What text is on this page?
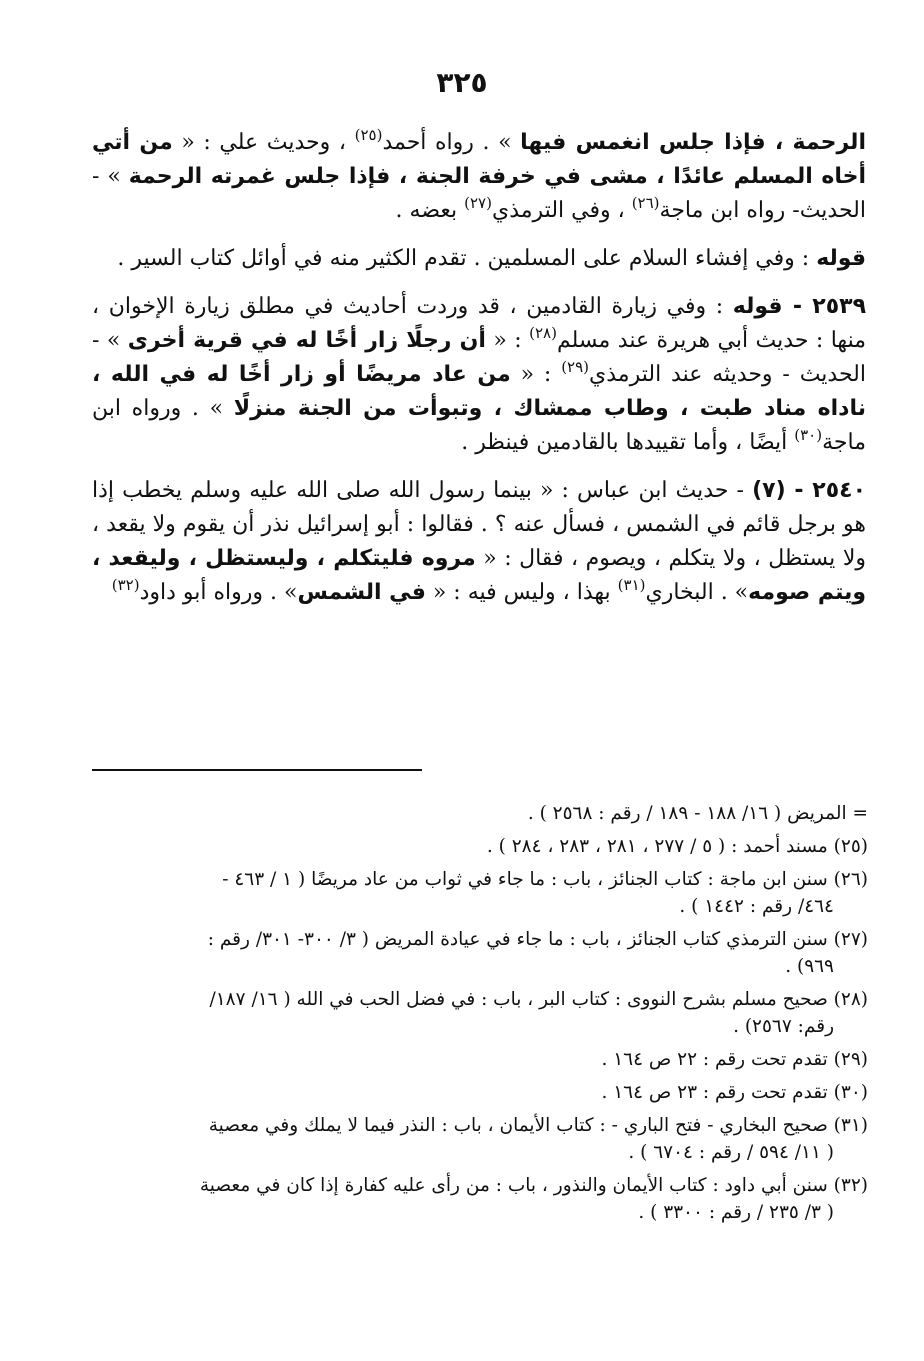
٣٢٥

الرحمة ، فإذا جلس انغمس فيها » . رواه أحمد$^{(٢٥)}$ ، وحديث علي : « من أتي أخاه المسلم عائدًا ، مشى في خرفة الجنة ، فإذا جلس غمرته الرحمة » - الحديث- رواه ابن ماجة$^{(٢٦)}$ ، وفي الترمذي$^{(٢٧)}$ بعضه .

قوله : وفي إفشاء السلام على المسلمين . تقدم الكثير منه في أوائل كتاب السير .

٢٥٣٩ - قوله : وفي زيارة القادمين ، قد وردت أحاديث في مطلق زيارة الإخوان ، منها : حديث أبي هريرة عند مسلم$^{(٢٨)}$ : « أن رجلًا زار أخًا له في قرية أخرى » - الحديث - وحديثه عند الترمذي$^{(٢٩)}$ : « من عاد مريضًا أو زار أخًا له في الله ، ناداه مناد طبت ، وطاب ممشاك ، وتبوأت من الجنة منزلًا » . ورواه ابن ماجة$^{(٣٠)}$ أيضًا ، وأما تقييدها بالقادمين فينظر .

٢٥٤٠ - (٧) - حديث ابن عباس : « بينما رسول الله صلى الله عليه وسلم يخطب إذا هو برجل قائم في الشمس ، فسأل عنه ؟ . فقالوا : أبو إسرائيل نذر أن يقوم ولا يقعد ، ولا يستظل ، ولا يتكلم ، ويصوم ، فقال : « مروه فليتكلم ، وليستظل ، وليقعد ، ويتم صومه» . البخاري$^{(٣١)}$ بهذا ، وليس فيه : « في الشمس» . ورواه أبو داود$^{(٣٢)}$

= المريض ( ١٦/ ١٨٨ - ١٨٩ / رقم : ٢٥٦٨ ) .

(٢٥) مسند أحمد : ( ٥ / ٢٧٧ ، ٢٨١ ، ٢٨٣ ، ٢٨٤ ) .

(٢٦) سنن ابن ماجة : كتاب الجنائز ، باب : ما جاء في ثواب من عاد مريضًا ( ١ / ٤٦٣ -
٤٦٤/ رقم : ١٤٤٢ ) .

(٢٧) سنن الترمذي كتاب الجنائز ، باب : ما جاء في عيادة المريض ( ٣/ ٣٠٠- ٣٠١/ رقم :
٩٦٩) .

(٢٨) صحيح مسلم بشرح النووى : كتاب البر ، باب : في فضل الحب في الله ( ١٦/ ١٨٧/
رقم: ٢٥٦٧) .

(٢٩) تقدم تحت رقم : ٢٢ ص ١٦٤ .

(٣٠) تقدم تحت رقم : ٢٣ ص ١٦٤ .

(٣١) صحيح البخاري - فتح الباري - : كتاب الأيمان ، باب : النذر فيما لا يملك وفي معصية
( ١١/ ٥٩٤ / رقم : ٦٧٠٤ ) .

(٣٢) سنن أبي داود : كتاب الأيمان والنذور ، باب : من رأى عليه كفارة إذا كان في معصية
( ٣/ ٢٣٥ / رقم : ٣٣٠٠ ) .
